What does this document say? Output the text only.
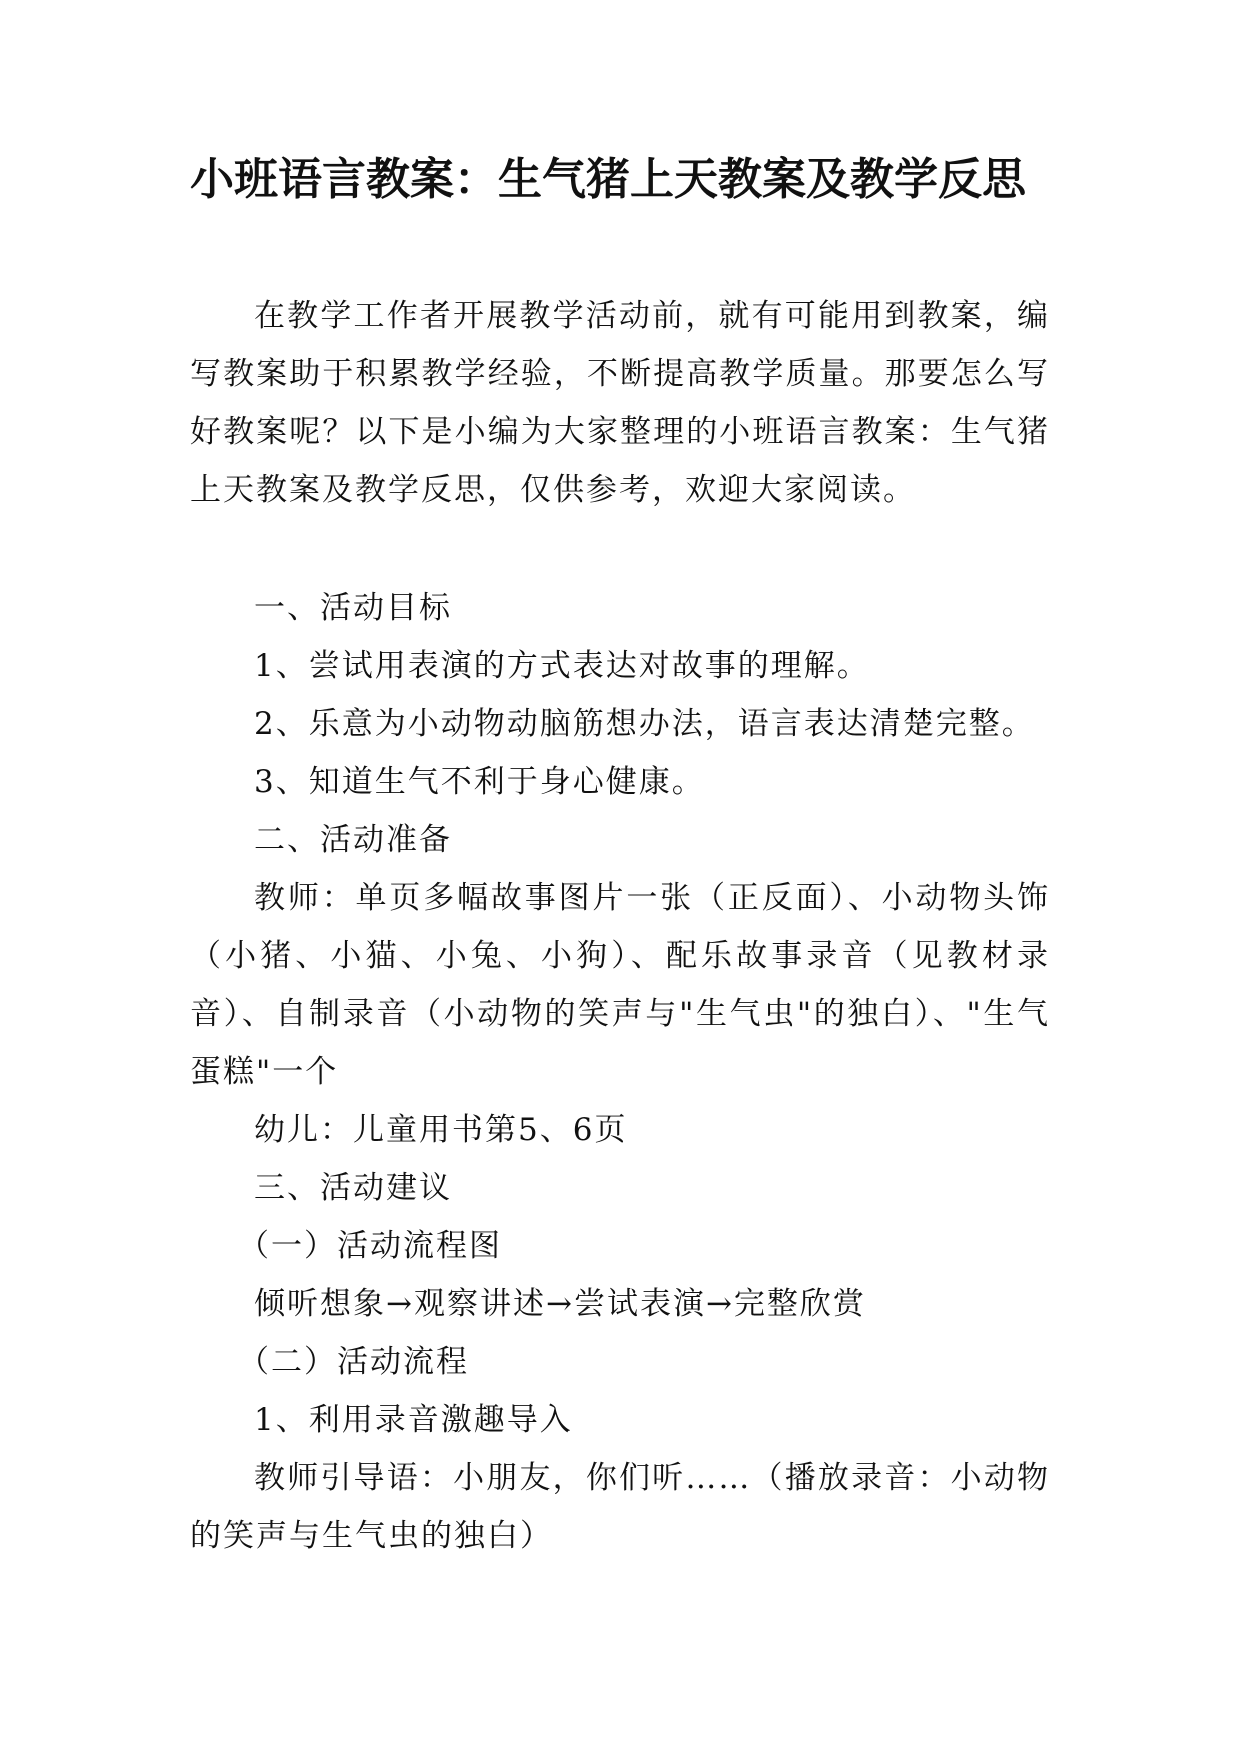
小班语言教案：生气猪上天教案及教学反思

在教学工作者开展教学活动前，就有可能用到教案，编写教案助于积累教学经验，不断提高教学质量。那要怎么写好教案呢？以下是小编为大家整理的小班语言教案：生气猪上天教案及教学反思，仅供参考，欢迎大家阅读。

一、活动目标

1、尝试用表演的方式表达对故事的理解。

2、乐意为小动物动脑筋想办法，语言表达清楚完整。

3、知道生气不利于身心健康。

二、活动准备

教师：单页多幅故事图片一张（正反面）、小动物头饰（小猪、小猫、小兔、小狗）、配乐故事录音（见教材录音）、自制录音（小动物的笑声与"生气虫"的独白）、"生气蛋糕"一个

幼儿：儿童用书第5、6页

三、活动建议

（一）活动流程图

倾听想象→观察讲述→尝试表演→完整欣赏

（二）活动流程

1、利用录音激趣导入

教师引导语：小朋友，你们听……（播放录音：小动物的笑声与生气虫的独白）
